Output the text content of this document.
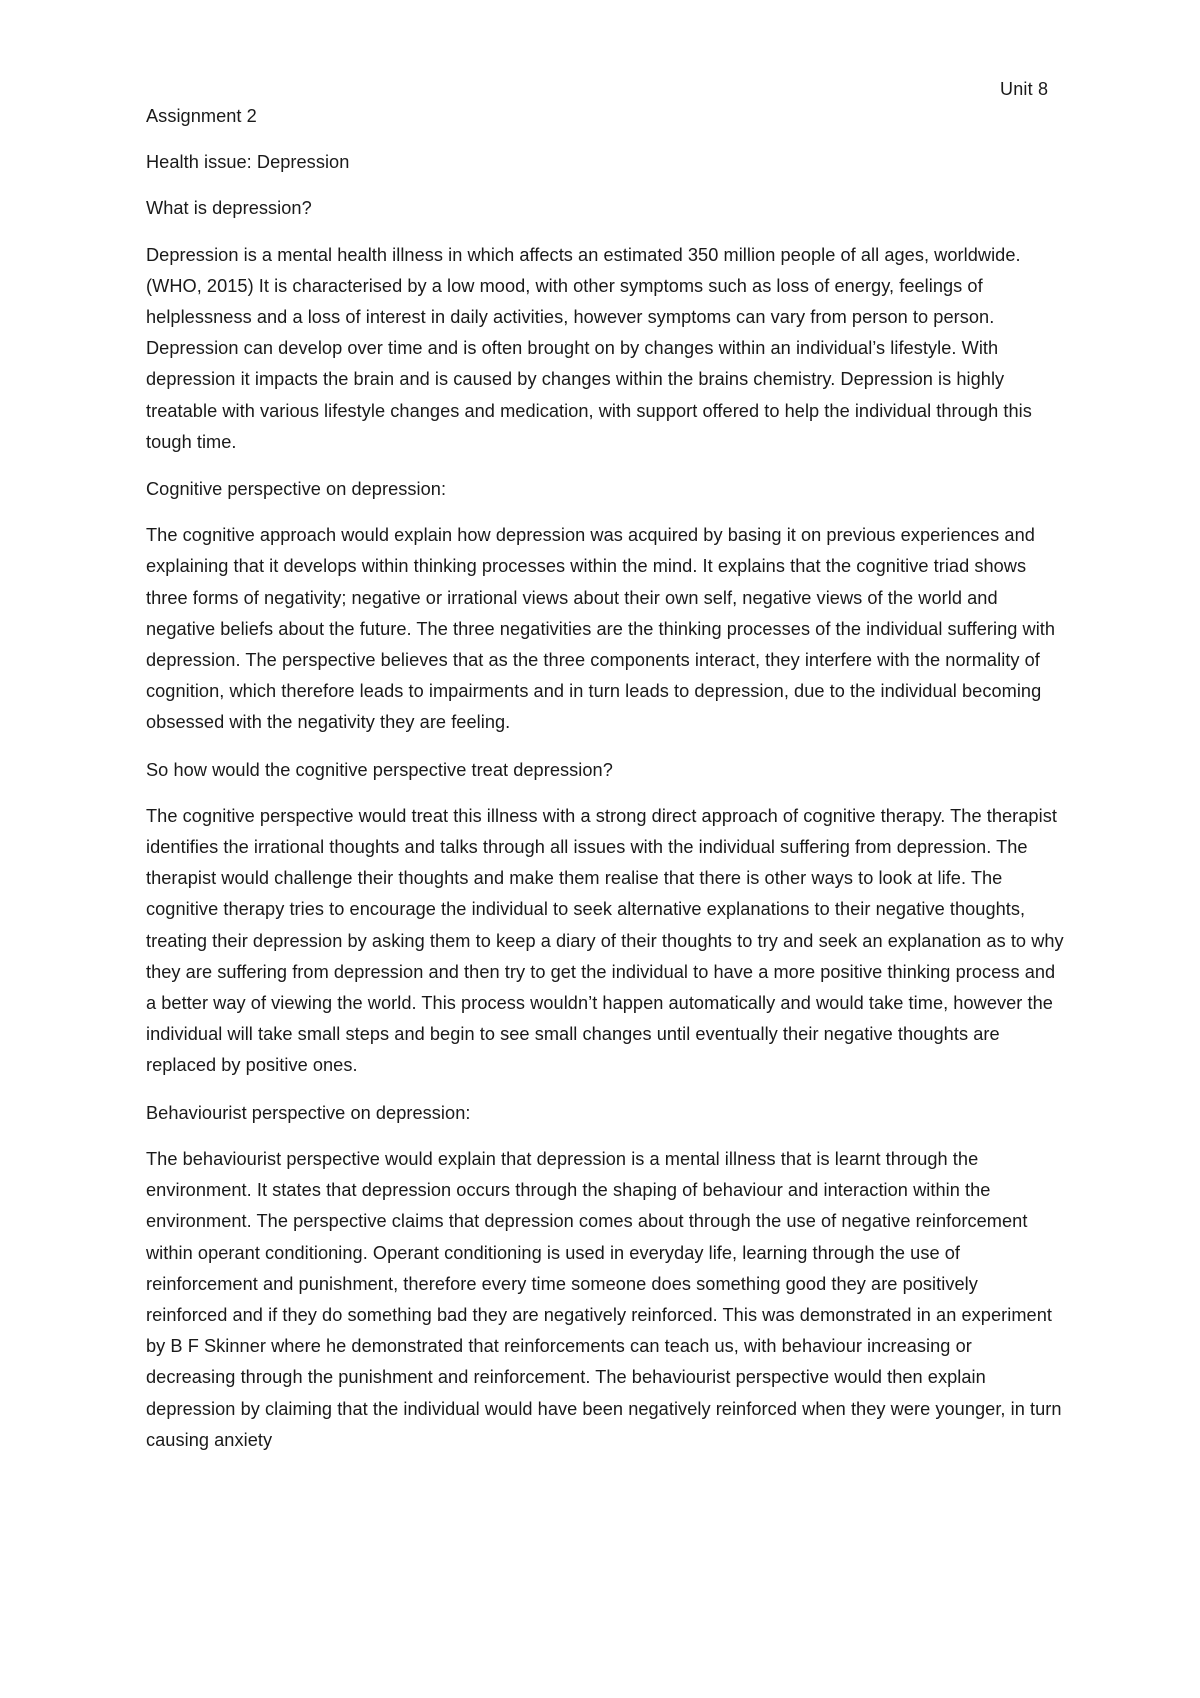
Unit 8

Assignment 2

Health issue: Depression

What is depression?

Depression is a mental health illness in which affects an estimated 350 million people of all ages, worldwide. (WHO, 2015) It is characterised by a low mood, with other symptoms such as loss of energy, feelings of helplessness and a loss of interest in daily activities, however symptoms can vary from person to person. Depression can develop over time and is often brought on by changes within an individual’s lifestyle. With depression it impacts the brain and is caused by changes within the brains chemistry. Depression is highly treatable with various lifestyle changes and medication, with support offered to help the individual through this tough time.

Cognitive perspective on depression:

The cognitive approach would explain how depression was acquired by basing it on previous experiences and explaining that it develops within thinking processes within the mind. It explains that the cognitive triad shows three forms of negativity; negative or irrational views about their own self, negative views of the world and negative beliefs about the future. The three negativities are the thinking processes of the individual suffering with depression. The perspective believes that as the three components interact, they interfere with the normality of cognition, which therefore leads to impairments and in turn leads to depression, due to the individual becoming obsessed with the negativity they are feeling.

So how would the cognitive perspective treat depression?

The cognitive perspective would treat this illness with a strong direct approach of cognitive therapy. The therapist identifies the irrational thoughts and talks through all issues with the individual suffering from depression. The therapist would challenge their thoughts and make them realise that there is other ways to look at life. The cognitive therapy tries to encourage the individual to seek alternative explanations to their negative thoughts, treating their depression by asking them to keep a diary of their thoughts to try and seek an explanation as to why they are suffering from depression and then try to get the individual to have a more positive thinking process and a better way of viewing the world. This process wouldn’t happen automatically and would take time, however the individual will take small steps and begin to see small changes until eventually their negative thoughts are replaced by positive ones.

Behaviourist perspective on depression:

The behaviourist perspective would explain that depression is a mental illness that is learnt through the environment. It states that depression occurs through the shaping of behaviour and interaction within the environment. The perspective claims that depression comes about through the use of negative reinforcement within operant conditioning. Operant conditioning is used in everyday life, learning through the use of reinforcement and punishment, therefore every time someone does something good they are positively reinforced and if they do something bad they are negatively reinforced. This was demonstrated in an experiment by B F Skinner where he demonstrated that reinforcements can teach us, with behaviour increasing or decreasing through the punishment and reinforcement. The behaviourist perspective would then explain depression by claiming that the individual would have been negatively reinforced when they were younger, in turn causing anxiety
